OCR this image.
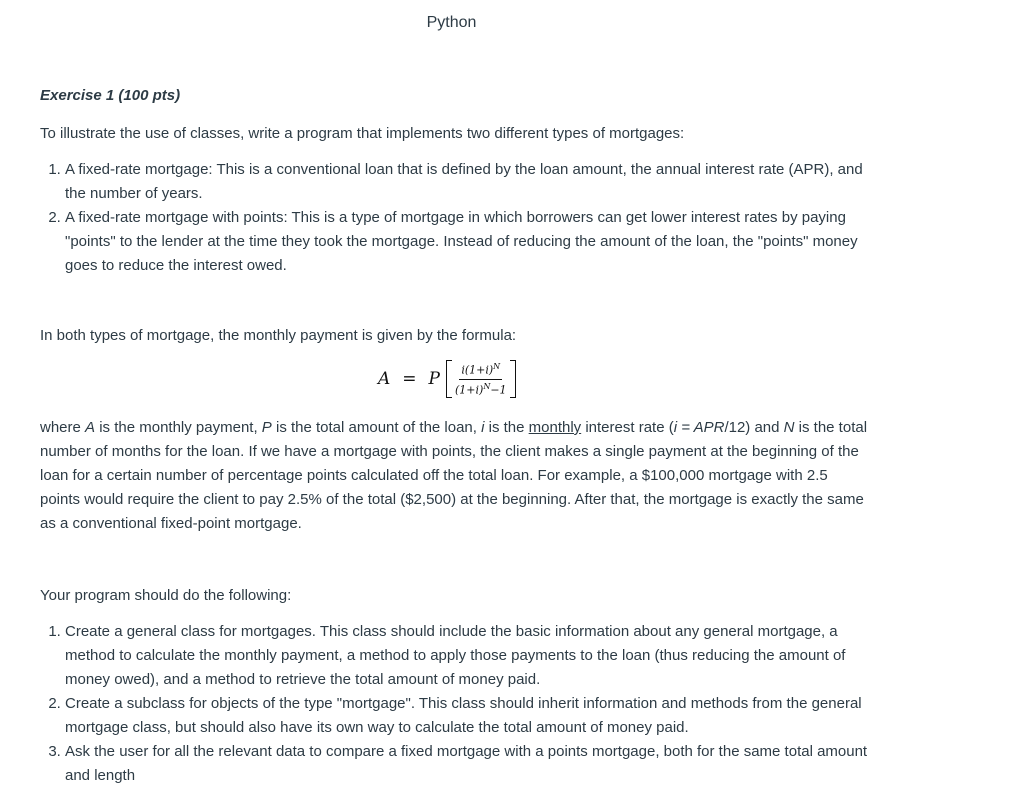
Python
Exercise 1 (100 pts)

To illustrate the use of classes, write a program that implements two different types of mortgages:

1. A fixed-rate mortgage: This is a conventional loan that is defined by the loan amount, the annual interest rate (APR), and the number of years.
2. A fixed-rate mortgage with points: This is a type of mortgage in which borrowers can get lower interest rates by paying "points" to the lender at the time they took the mortgage. Instead of reducing the amount of the loan, the "points" money goes to reduce the interest owed.

In both types of mortgage, the monthly payment is given by the formula:

A = P $\frac{i(1+i)^N}{(1+i)^N-1}$

where A is the monthly payment, P is the total amount of the loan, i is the monthly interest rate (i = APR/12) and N is the total number of months for the loan. If we have a mortgage with points, the client makes a single payment at the beginning of the loan for a certain number of percentage points calculated off the total loan. For example, a $100,000 mortgage with 2.5 points would require the client to pay 2.5% of the total ($2,500) at the beginning. After that, the mortgage is exactly the same as a conventional fixed-point mortgage.

Your program should do the following:

1. Create a general class for mortgages. This class should include the basic information about any general mortgage, a method to calculate the monthly payment, a method to apply those payments to the loan (thus reducing the amount of money owed), and a method to retrieve the total amount of money paid.
2. Create a subclass for objects of the type "mortgage". This class should inherit information and methods from the general mortgage class, but should also have its own way to calculate the total amount of money paid.
3. Ask the user for all the relevant data to compare a fixed mortgage with a points mortgage, both for the same total amount and length
